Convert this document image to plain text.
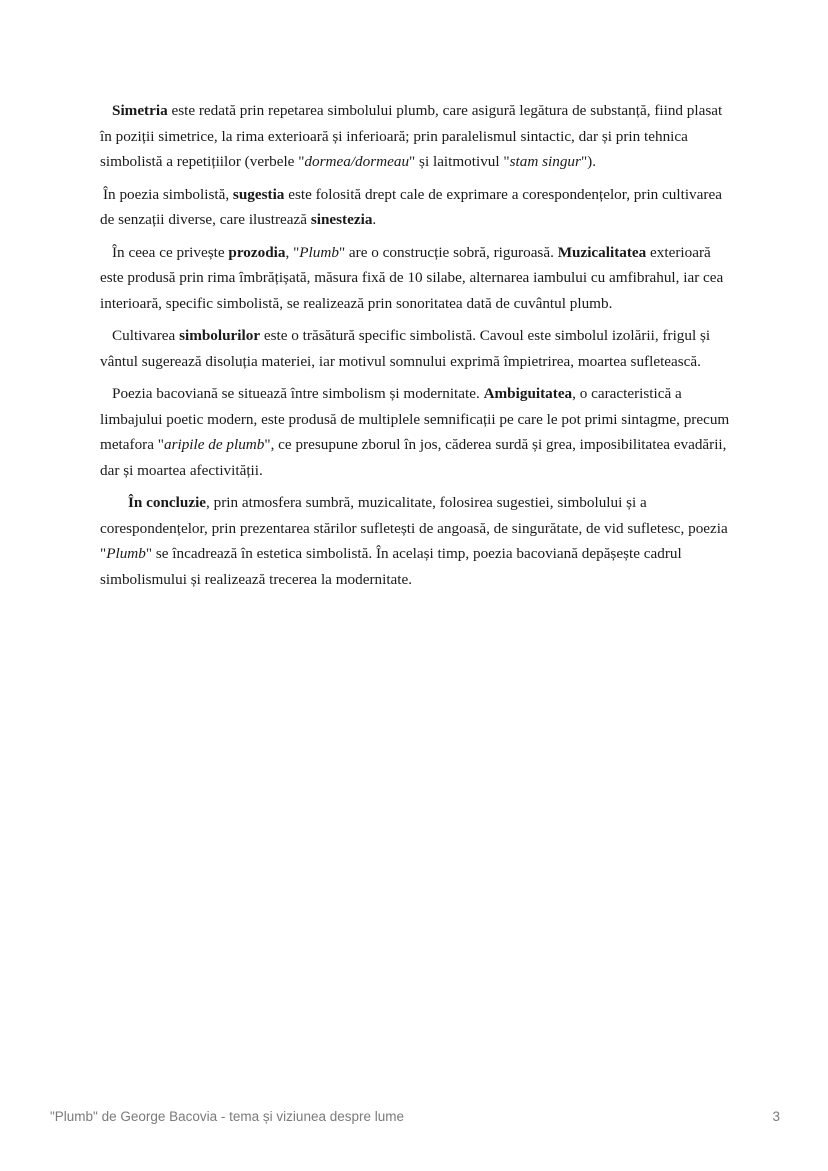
Simetria este redată prin repetarea simbolului plumb, care asigură legătura de substanță, fiind plasat în poziții simetrice, la rima exterioară și inferioară; prin paralelismul sintactic, dar și prin tehnica simbolistă a repetițiilor (verbele "dormea/dormeau" și laitmotivul "stam singur").

În poezia simbolistă, sugestia este folosită drept cale de exprimare a corespondențelor, prin cultivarea de senzații diverse, care ilustrează sinestezia.

În ceea ce privește prozodia, "Plumb" are o construcție sobră, riguroasă. Muzicalitatea exterioară este produsă prin rima îmbrățișată, măsura fixă de 10 silabe, alternarea iambului cu amfibrahul, iar cea interioară, specific simbolistă, se realizează prin sonoritatea dată de cuvântul plumb.

Cultivarea simbolurilor este o trăsătură specific simbolistă. Cavoul este simbolul izolării, frigul și vântul sugerează disoluția materiei, iar motivul somnului exprimă împietrirea, moartea sufletească.

Poezia bacoviană se situează între simbolism și modernitate. Ambiguitatea, o caracteristică a limbajului poetic modern, este produsă de multiplele semnificații pe care le pot primi sintagme, precum metafora "aripile de plumb", ce presupune zborul în jos, căderea surdă și grea, imposibilitatea evadării, dar și moartea afectivității.

În concluzie, prin atmosfera sumbră, muzicalitate, folosirea sugestiei, simbolului și a corespondențelor, prin prezentarea stărilor sufletești de angoasă, de singurătate, de vid sufletesc, poezia "Plumb" se încadrează în estetica simbolistă. În același timp, poezia bacoviană depășește cadrul simbolismului și realizează trecerea la modernitate.

"Plumb" de George Bacovia - tema și viziunea despre lume	3
